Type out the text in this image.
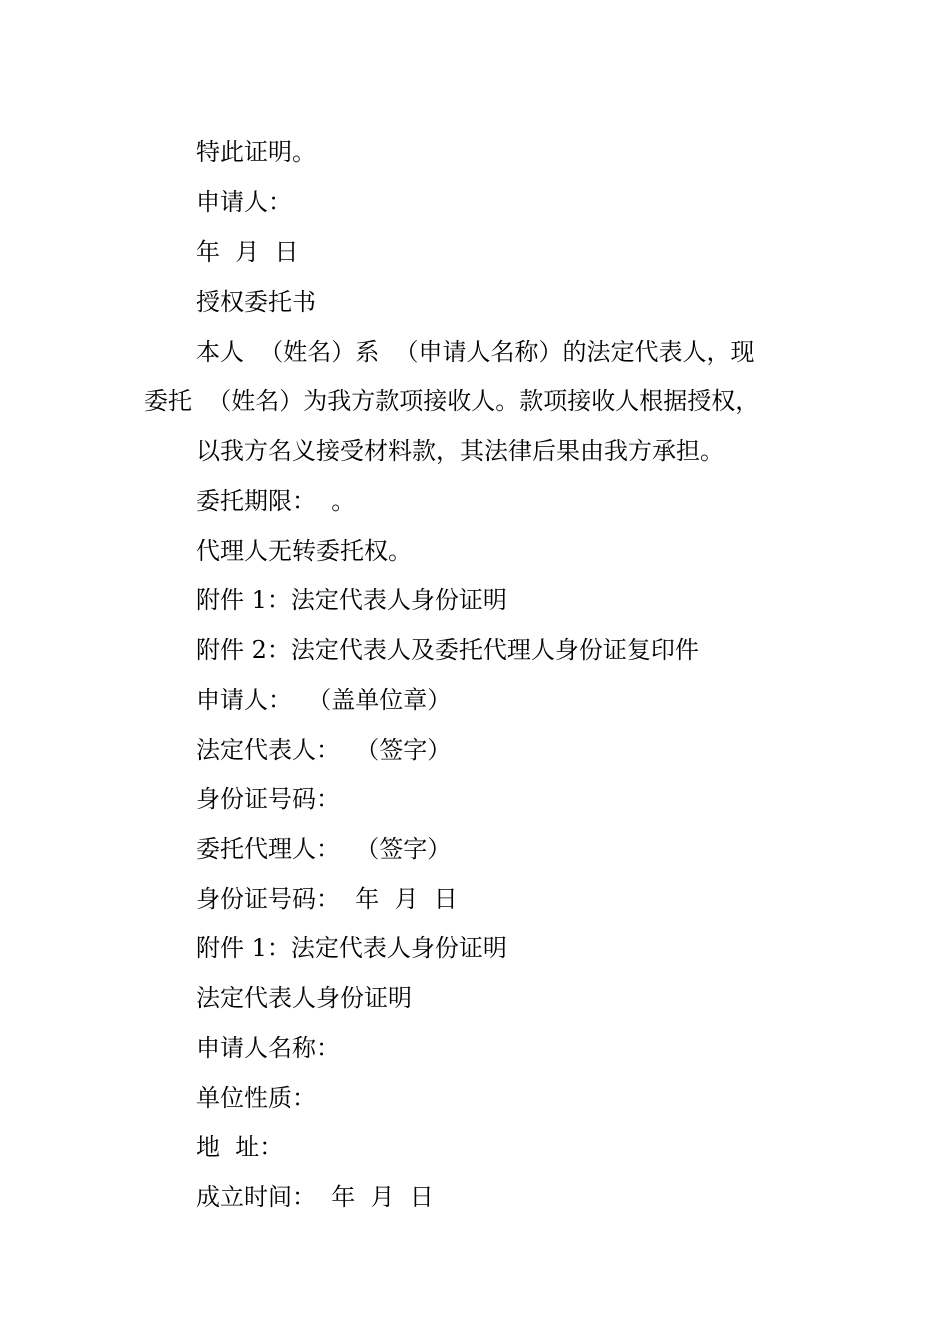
特此证明。
申请人：
年  月  日
授权委托书
本人  （姓名）系  （申请人名称）的法定代表人，现
委托  （姓名）为我方款项接收人。款项接收人根据授权，
以我方名义接受材料款，其法律后果由我方承担。
委托期限：  。
代理人无转委托权。
附件 1：法定代表人身份证明
附件 2：法定代表人及委托代理人身份证复印件
申请人：  （盖单位章）
法定代表人：  （签字）
身份证号码：
委托代理人：  （签字）
身份证号码：  年  月  日
附件 1：法定代表人身份证明
法定代表人身份证明
申请人名称：
单位性质：
地  址：
成立时间：  年  月  日
